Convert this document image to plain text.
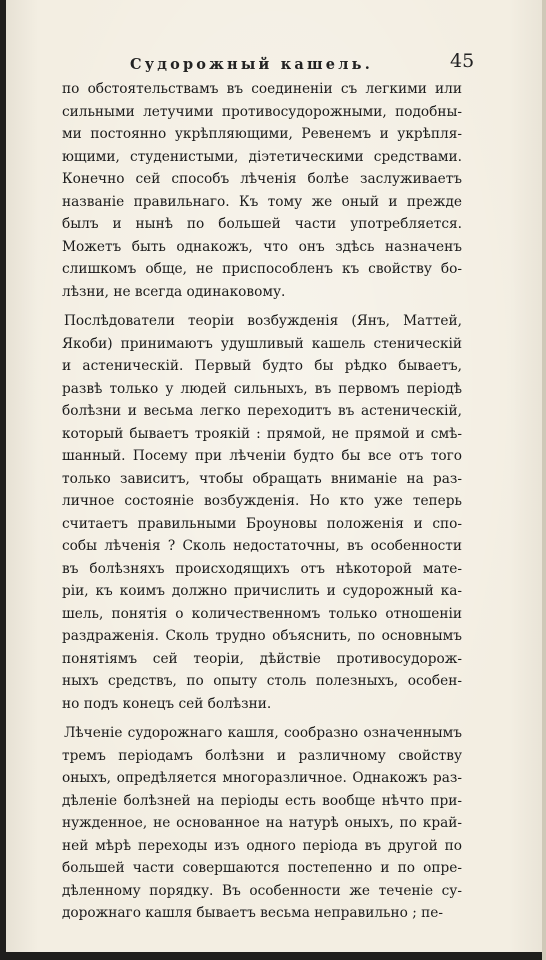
Судорожный кашель.	45
по обстоятельствамъ въ соединеніи съ легкими или
сильными летучими противосудорожными, подобны-
ми постоянно укрѣпляющими, Ревенемъ и укрѣпля-
ющими, студенистыми, діэтетическими средствами.
Конечно сей способъ лѣченія болѣе заслуживаетъ
названіе правильнаго. Къ тому же оный и прежде
былъ и нынѣ по большей части употребляется.
Можетъ быть однакожъ, что онъ здѣсь назначенъ
слишкомъ обще, не приспособленъ къ свойству бо-
лѣзни, не всегда одинаковому.
Послѣдователи теоріи возбужденія (Янъ, Маттей,
Якоби) принимаютъ удушливый кашель стеническій
и астеническій. Первый будто бы рѣдко бываетъ,
развѣ только у людей сильныхъ, въ первомъ періодѣ
болѣзни и весьма легко переходитъ въ астеническій,
который бываетъ троякій : прямой, не прямой и смѣ-
шанный. Посему при лѣченіи будто бы все отъ того
только зависитъ, чтобы обращать вниманіе на раз-
личное состояніе возбужденія. Но кто уже теперь
считаетъ правильными Броуновы положенія и спо-
собы лѣченія ? Сколь недостаточны, въ особенности
въ болѣзняхъ происходящихъ отъ нѣкоторой мате-
ріи, къ коимъ должно причислить и судорожный ка-
шель, понятія о количественномъ только отношеніи
раздраженія. Сколь трудно объяснить, по основнымъ
понятіямъ сей теоріи, дѣйствіе противосудорож-
ныхъ средствъ, по опыту столь полезныхъ, особен-
но подъ конецъ сей болѣзни.
Лѣченіе судорожнаго кашля, сообразно означеннымъ
тремъ періодамъ болѣзни и различному свойству
оныхъ, опредѣляется многоразличное. Однакожъ раз-
дѣленіе болѣзней на періоды есть вообще нѣчто при-
нужденное, не основанное на натурѣ оныхъ, по край-
ней мѣрѣ переходы изъ одного періода въ другой по
большей части совершаются постепенно и по опре-
дѣленному порядку. Въ особенности же теченіе су-
дорожнаго кашля бываетъ весьма неправильно ; пе-
